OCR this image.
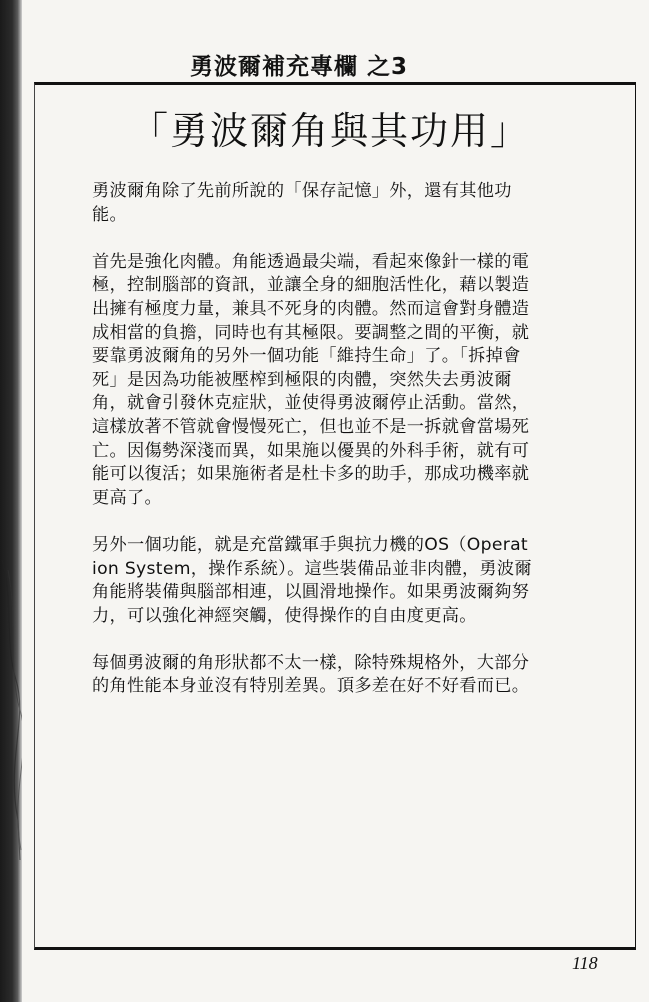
勇波爾補充專欄 之3
「勇波爾角與其功用」

勇波爾角除了先前所說的「保存記憶」外，還有其他功能。

首先是強化肉體。角能透過最尖端，看起來像針一樣的電極，控制腦部的資訊，並讓全身的細胞活性化，藉以製造出擁有極度力量，兼具不死身的肉體。然而這會對身體造成相當的負擔，同時也有其極限。要調整之間的平衡，就要靠勇波爾角的另外一個功能「維持生命」了。「拆掉會死」是因為功能被壓榨到極限的肉體，突然失去勇波爾角，就會引發休克症狀，並使得勇波爾停止活動。當然，這樣放著不管就會慢慢死亡，但也並不是一拆就會當場死亡。因傷勢深淺而異，如果施以優異的外科手術，就有可能可以復活；如果施術者是杜卡多的助手，那成功機率就更高了。

另外一個功能，就是充當鐵軍手與抗力機的OS（Operation System，操作系統）。這些裝備品並非肉體，勇波爾角能將裝備與腦部相連，以圓滑地操作。如果勇波爾夠努力，可以強化神經突觸，使得操作的自由度更高。

每個勇波爾的角形狀都不太一樣，除特殊規格外，大部分的角性能本身並沒有特別差異。頂多差在好不好看而已。

118
